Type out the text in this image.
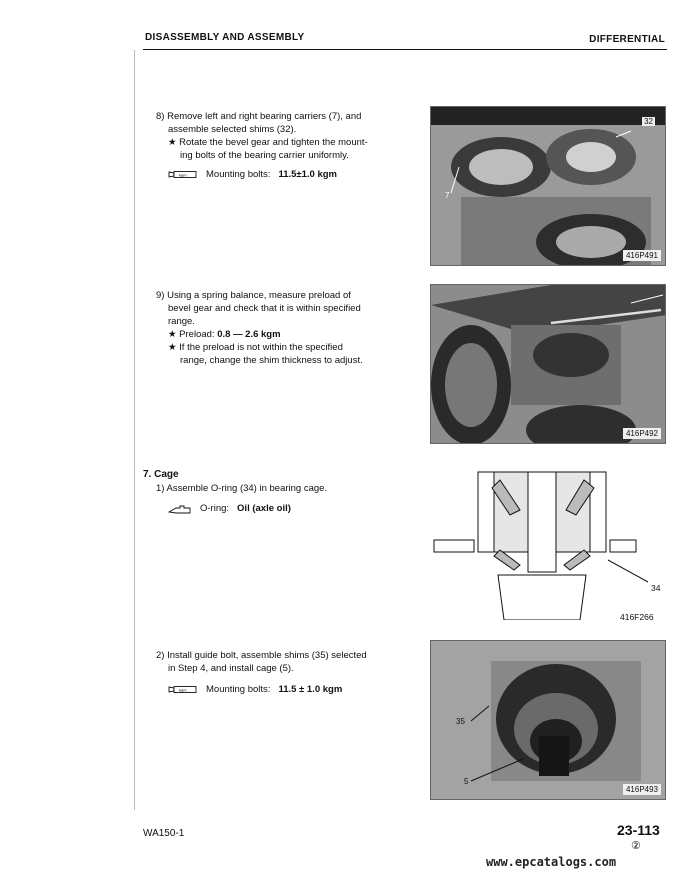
DISASSEMBLY AND ASSEMBLY	DIFFERENTIAL

8) Remove left and right bearing carriers (7), and

assemble selected shims (32).

★ Rotate the bevel gear and tighten the mount-

ing bolts of the bearing carrier uniformly.

kgm Mounting bolts: 11.5±1.0 kgm
32
7
416P491

9) Using a spring balance, measure preload of

bevel gear and check that it is within specified

range.

★ Preload: 0.8 — 2.6 kgm

★ If the preload is not within the specified

range, change the shim thickness to adjust.

416P492
7. Cage

1) Assemble O-ring (34) in bearing cage.

O-ring: Oil (axle oil)
34
416F266

2) Install guide bolt, assemble shims (35) selected

in Step 4, and install cage (5).

kgm Mounting bolts: 11.5 ± 1.0 kgm
35
5
416P493
WA150-1	23-113
②
www.epcatalogs.com
